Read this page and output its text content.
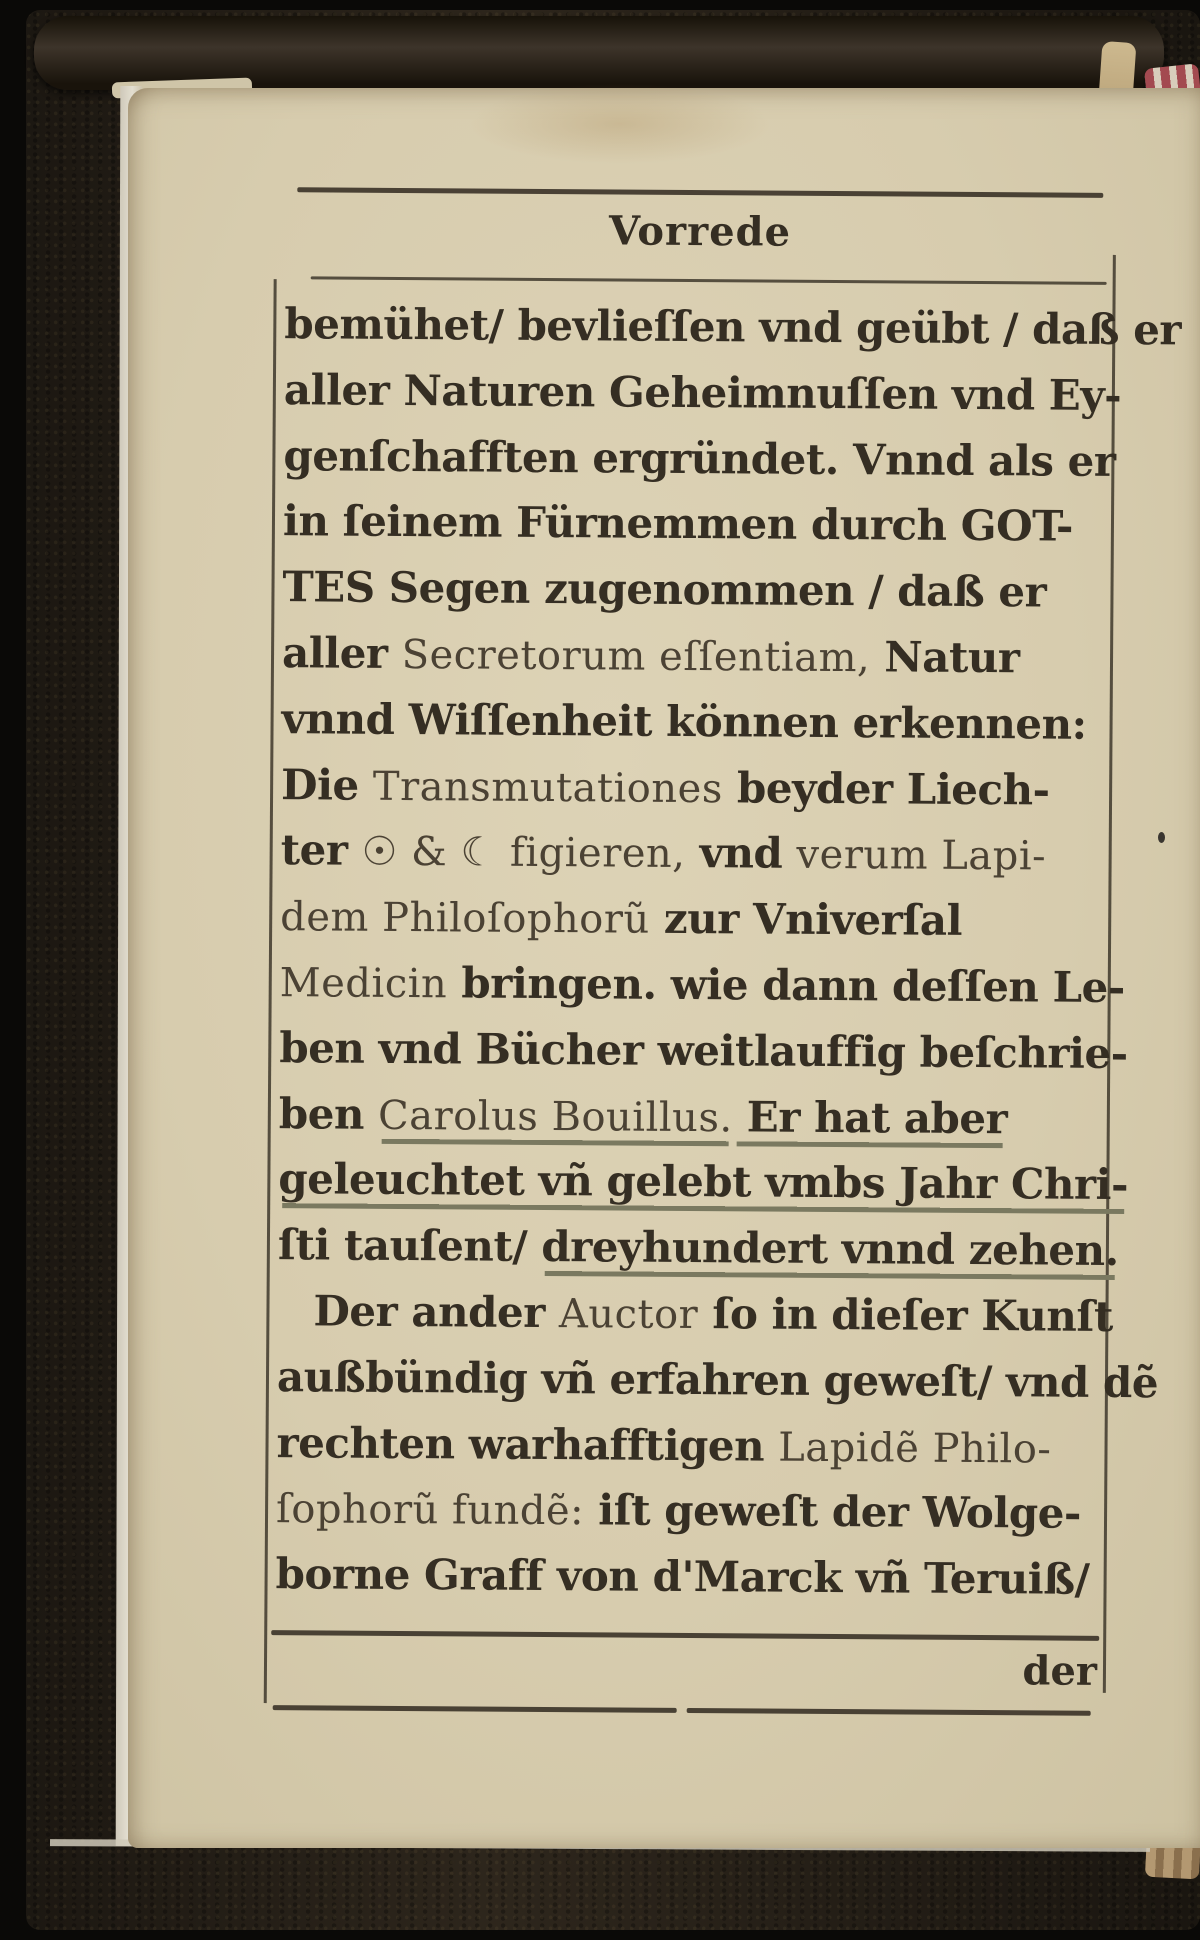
Vorrede
bemühet/ bevlieſſen vnd geübt / daß er
aller Naturen Geheimnuſſen vnd Ey-
genſchafften ergründet. Vnnd als er
in ſeinem Fürnemmen durch GOT-
TES Segen zugenommen / daß er
aller Secretorum eſſentiam, Natur
vnnd Wiſſenheit können erkennen:
Die Transmutationes beyder Liech-
ter ☉ & ☾ figieren, vnd verum Lapi-
dem Philoſophorũ zur Vniverſal
Medicin bringen. wie dann deſſen Le-
ben vnd Bücher weitlauffig beſchrie-
ben Carolus Bouillus. Er hat aber
geleuchtet vñ gelebt vmbs Jahr Chri-
ſti tauſent/ dreyhundert vnnd zehen.
Der ander Auctor ſo in dieſer Kunſt
außbündig vñ erfahren geweſt/ vnd dẽ
rechten warhafftigen Lapidẽ Philo-
ſophorũ fundẽ: iſt geweſt der Wolge-
borne Graff von d'Marck vñ Teruiß/
der
